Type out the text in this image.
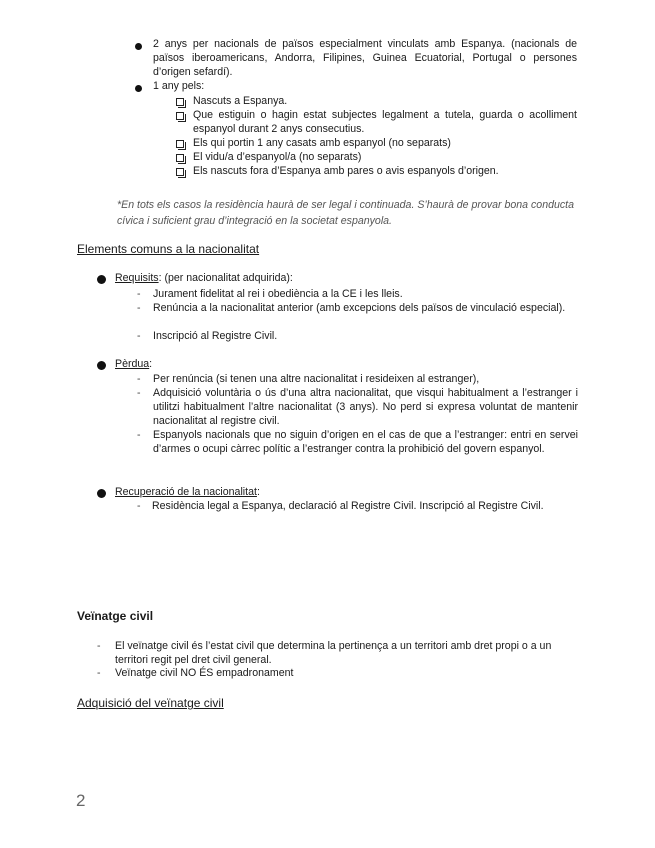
2 anys per nacionals de països especialment vinculats amb Espanya. (nacionals de països iberoamericans, Andorra, Filipines, Guinea Ecuatorial, Portugal o persones d’origen sefardí).
1 any pels:
Nascuts a Espanya.
Que estiguin o hagin estat subjectes legalment a tutela, guarda o acolliment espanyol durant 2 anys consecutius.
Els qui portin 1 any casats amb espanyol (no separats)
El vidu/a d’espanyol/a (no separats)
Els nascuts fora d’Espanya amb pares o avis espanyols d’origen.
*En tots els casos la residència haurà de ser legal i continuada. S’haurà de provar bona conducta cívica i suficient grau d’integració en la societat espanyola.
Elements comuns a la nacionalitat
Requisits: (per nacionalitat adquirida):
- Jurament fidelitat al rei i obediència a la CE i les lleis.
- Renúncia a la nacionalitat anterior (amb excepcions dels països de vinculació especial).
- Inscripció al Registre Civil.
Pèrdua:
- Per renúncia (si tenen una altre nacionalitat i resideixen al estranger),
- Adquisició voluntària o ús d’una altra nacionalitat, que visqui habitualment a l’estranger i utilitzi habitualment l’altre nacionalitat (3 anys). No perd si expresa voluntat de mantenir nacionalitat al registre civil.
- Espanyols nacionals que no siguin d’origen en el cas de que a l’estranger: entri en servei d’armes o ocupi càrrec polític a l’estranger contra la prohibició del govern espanyol.
Recuperació de la nacionalitat:
- Residència legal a Espanya, declaració al Registre Civil. Inscripció al Registre Civil.
Veïnatge civil
- El veïnatge civil és l’estat civil que determina la pertinença a un territori amb dret propi o a un territori regit pel dret civil general.
- Veïnatge civil NO ÉS empadronament
Adquisició del veïnatge civil
2
